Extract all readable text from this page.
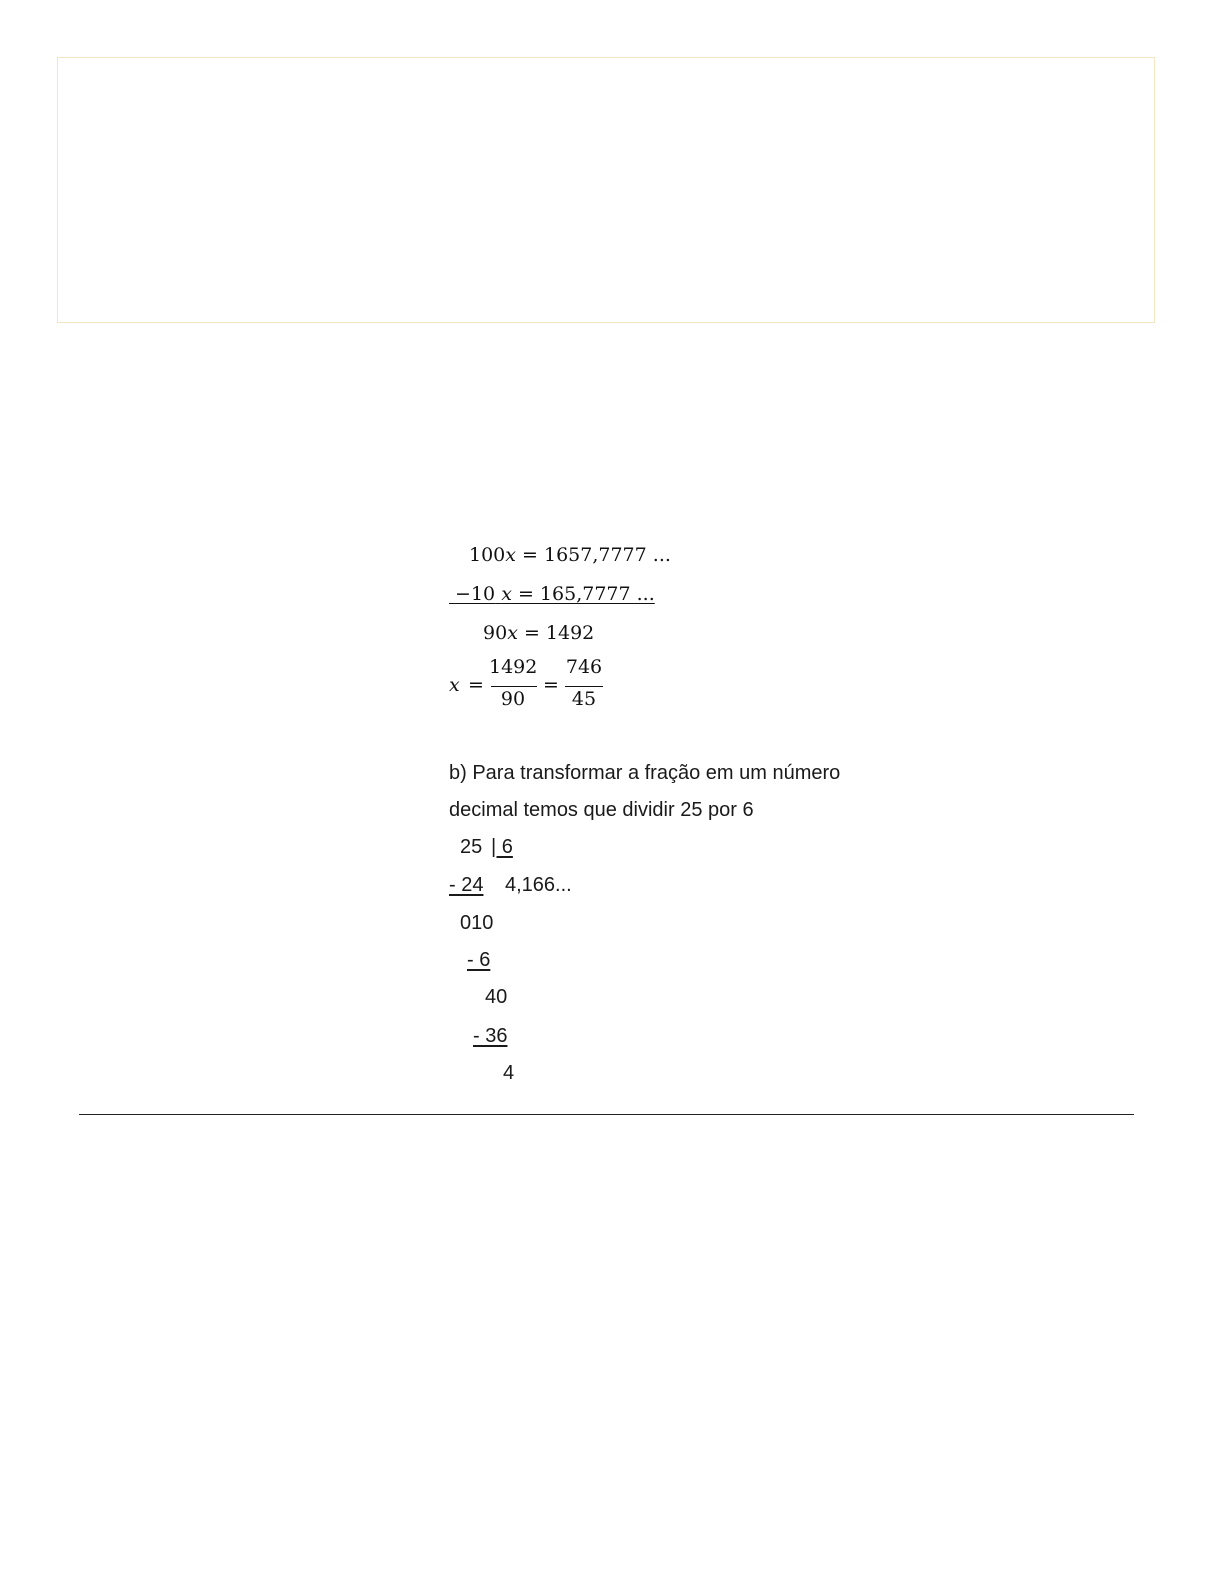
100x = 1657,7777 ...
−10 x = 165,7777 ...
90x = 1492
x =
1492
90
=
746
45
b) Para transformar a fração em um número
decimal temos que dividir 25 por 6
25 | 6
- 24 4,166...
010
- 6
40
- 36
4
